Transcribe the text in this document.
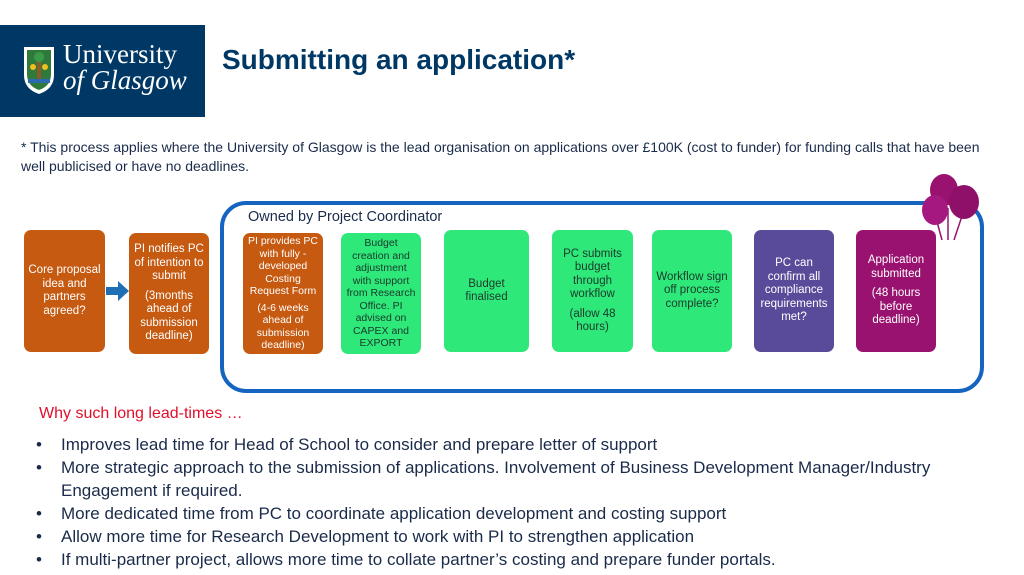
University
of Glasgow
Submitting an application*
* This process applies where the University of Glasgow is the lead organisation on applications over £100K (cost to funder) for funding calls that have been well publicised or have no deadlines.
Owned by Project Coordinator
Core proposal idea and partners agreed?
PI notifies PC of intention to submit
(3months ahead of submission deadline)
PI provides PC with fully - developed Costing Request Form
(4-6 weeks ahead of submission deadline)
Budget creation and adjustment with support from Research Office. PI advised on CAPEX and EXPORT
Budget finalised
PC submits budget through workflow
(allow 48 hours)
Workflow sign off process complete?
PC can confirm all compliance requirements met?
Application submitted
(48 hours before deadline)
Why such long lead-times …
• Improves lead time for Head of School to consider and prepare letter of support
• More strategic approach to the submission of applications. Involvement of Business Development Manager/Industry Engagement if required.
• More dedicated time from PC to coordinate application development and costing support
• Allow more time for Research Development to work with PI to strengthen application
• If multi-partner project, allows more time to collate partner’s costing and prepare funder portals.
